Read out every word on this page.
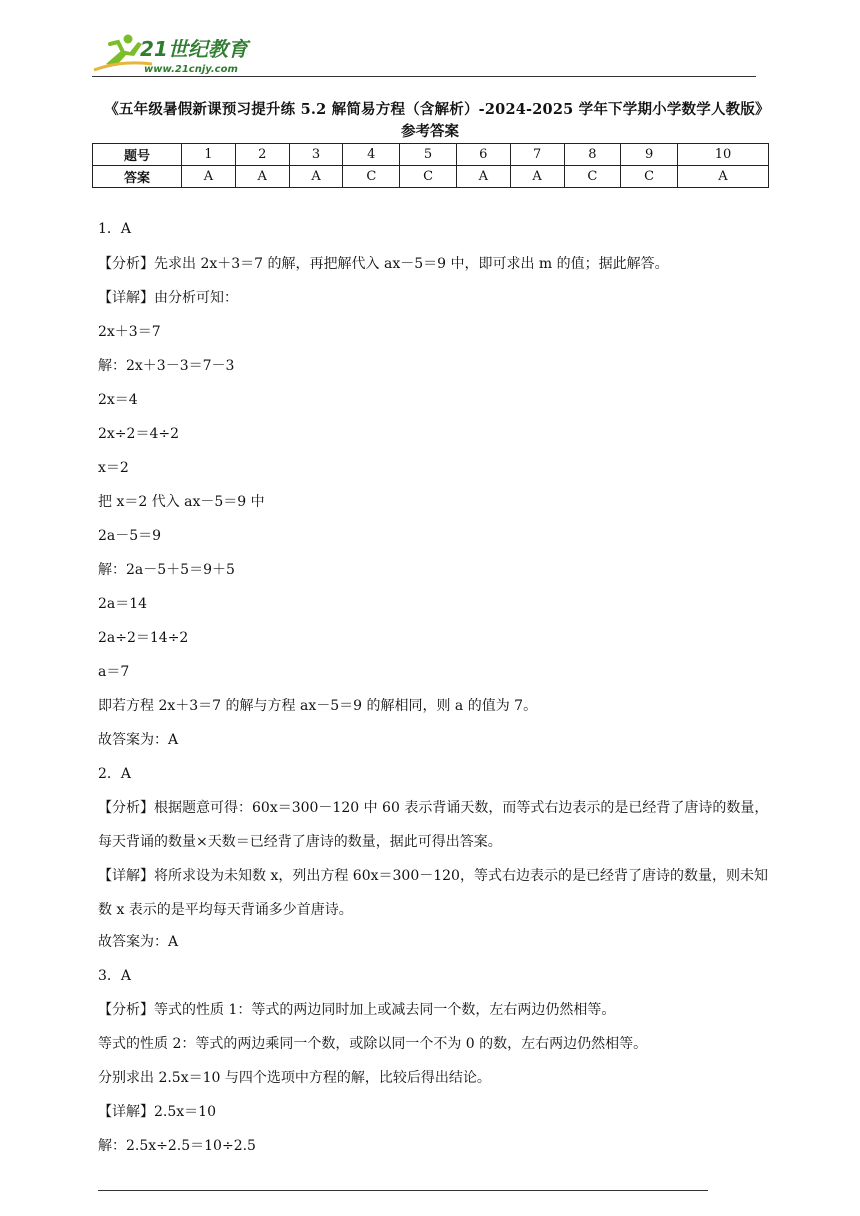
21世纪教育
www.21cnjy.com
《五年级暑假新课预习提升练 5.2 解简易方程（含解析）-2024-2025 学年下学期小学数学人教版》
参考答案
题号	1	2	3	4	5	6	7	8	9	10
答案	A	A	A	C	C	A	A	C	C	A
1．A
【分析】先求出 2x＋3＝7 的解，再把解代入 ax－5＝9 中，即可求出 m 的值；据此解答。
【详解】由分析可知：
2x＋3＝7
解：2x＋3－3＝7－3
2x＝4
2x÷2＝4÷2
x＝2
把 x＝2 代入 ax－5＝9 中
2a－5＝9
解：2a－5＋5＝9＋5
2a＝14
2a÷2＝14÷2
a＝7
即若方程 2x＋3＝7 的解与方程 ax－5＝9 的解相同，则 a 的值为 7。
故答案为：A
2．A
【分析】根据题意可得：60x＝300－120 中 60 表示背诵天数，而等式右边表示的是已经背了唐诗的数量，每天背诵的数量×天数＝已经背了唐诗的数量，据此可得出答案。
【详解】将所求设为未知数 x，列出方程 60x＝300－120，等式右边表示的是已经背了唐诗的数量，则未知数 x 表示的是平均每天背诵多少首唐诗。
故答案为：A
3．A
【分析】等式的性质 1：等式的两边同时加上或减去同一个数，左右两边仍然相等。
等式的性质 2：等式的两边乘同一个数，或除以同一个不为 0 的数，左右两边仍然相等。
分别求出 2.5x＝10 与四个选项中方程的解，比较后得出结论。
【详解】2.5x＝10
解：2.5x÷2.5＝10÷2.5
